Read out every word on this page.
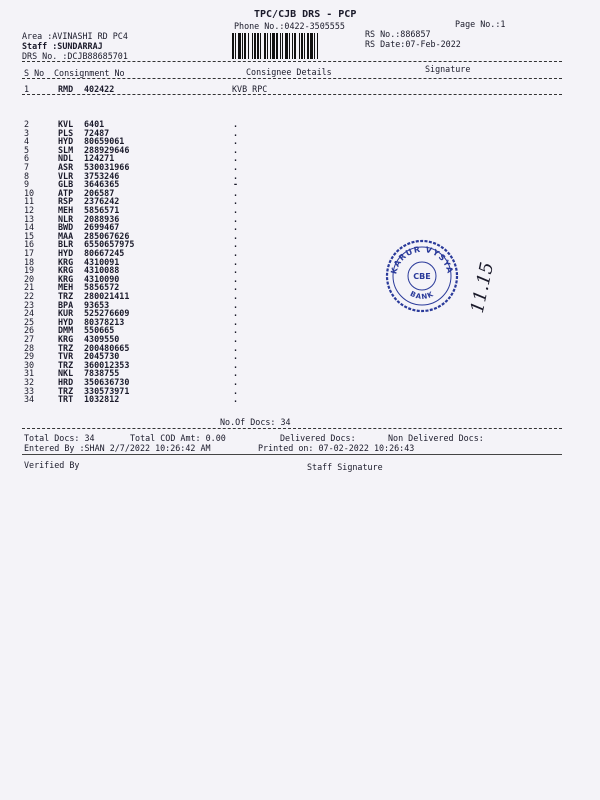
TPC/CJB DRS - PCP
Phone No.:0422-3505555	Page No.:1
Area :AVINASHI RD PC4
Staff :SUNDARRAJ
DRS No. :DCJB88685701
RS No.:886857
RS Date:07-Feb-2022
S No Consignment No	Consignee Details	Signature
1	RMD 402422	KVB RPC
2	KVL 6401	.
3	PLS 72487	.
4	HYD 80659061	.
5	SLM 288929646	.
6	NDL 124271	.
7	ASR 530031966	.
8	VLR 3753246	.
9	GLB 3646365	-
10	ATP 206587	.
11	RSP 2376242	.
12	MEH 5856571	.
13	NLR 2088936	.
14	BWD 2699467	.
15	MAA 285067626	.
16	BLR 6550657975	.
17	HYD 80667245	.
18	KRG 4310091	.
19	KRG 4310088	.
20	KRG 4310090	.
21	MEH 5856572	.
22	TRZ 280021411	.
23	BPA 93653	.
24	KUR 525276609	.
25	HYD 80378213	.
26	DMM 550665	.
27	KRG 4309550	.
28	TRZ 200480665	.
29	TVR 2045730	.
30	TRZ 360012353	.
31	NKL 7838755	.
32	HRD 350636730	.
33	TRZ 330573971	.
34	TRT 1032812	.
KARUR VYSYA
BANK
CBE 11.15
No.Of Docs: 34
Total Docs: 34	Total COD Amt: 0.00	Delivered Docs:	Non Delivered Docs:
Entered By :SHAN 2/7/2022 10:26:42 AM	Printed on: 07-02-2022 10:26:43
Verified By	Staff Signature
